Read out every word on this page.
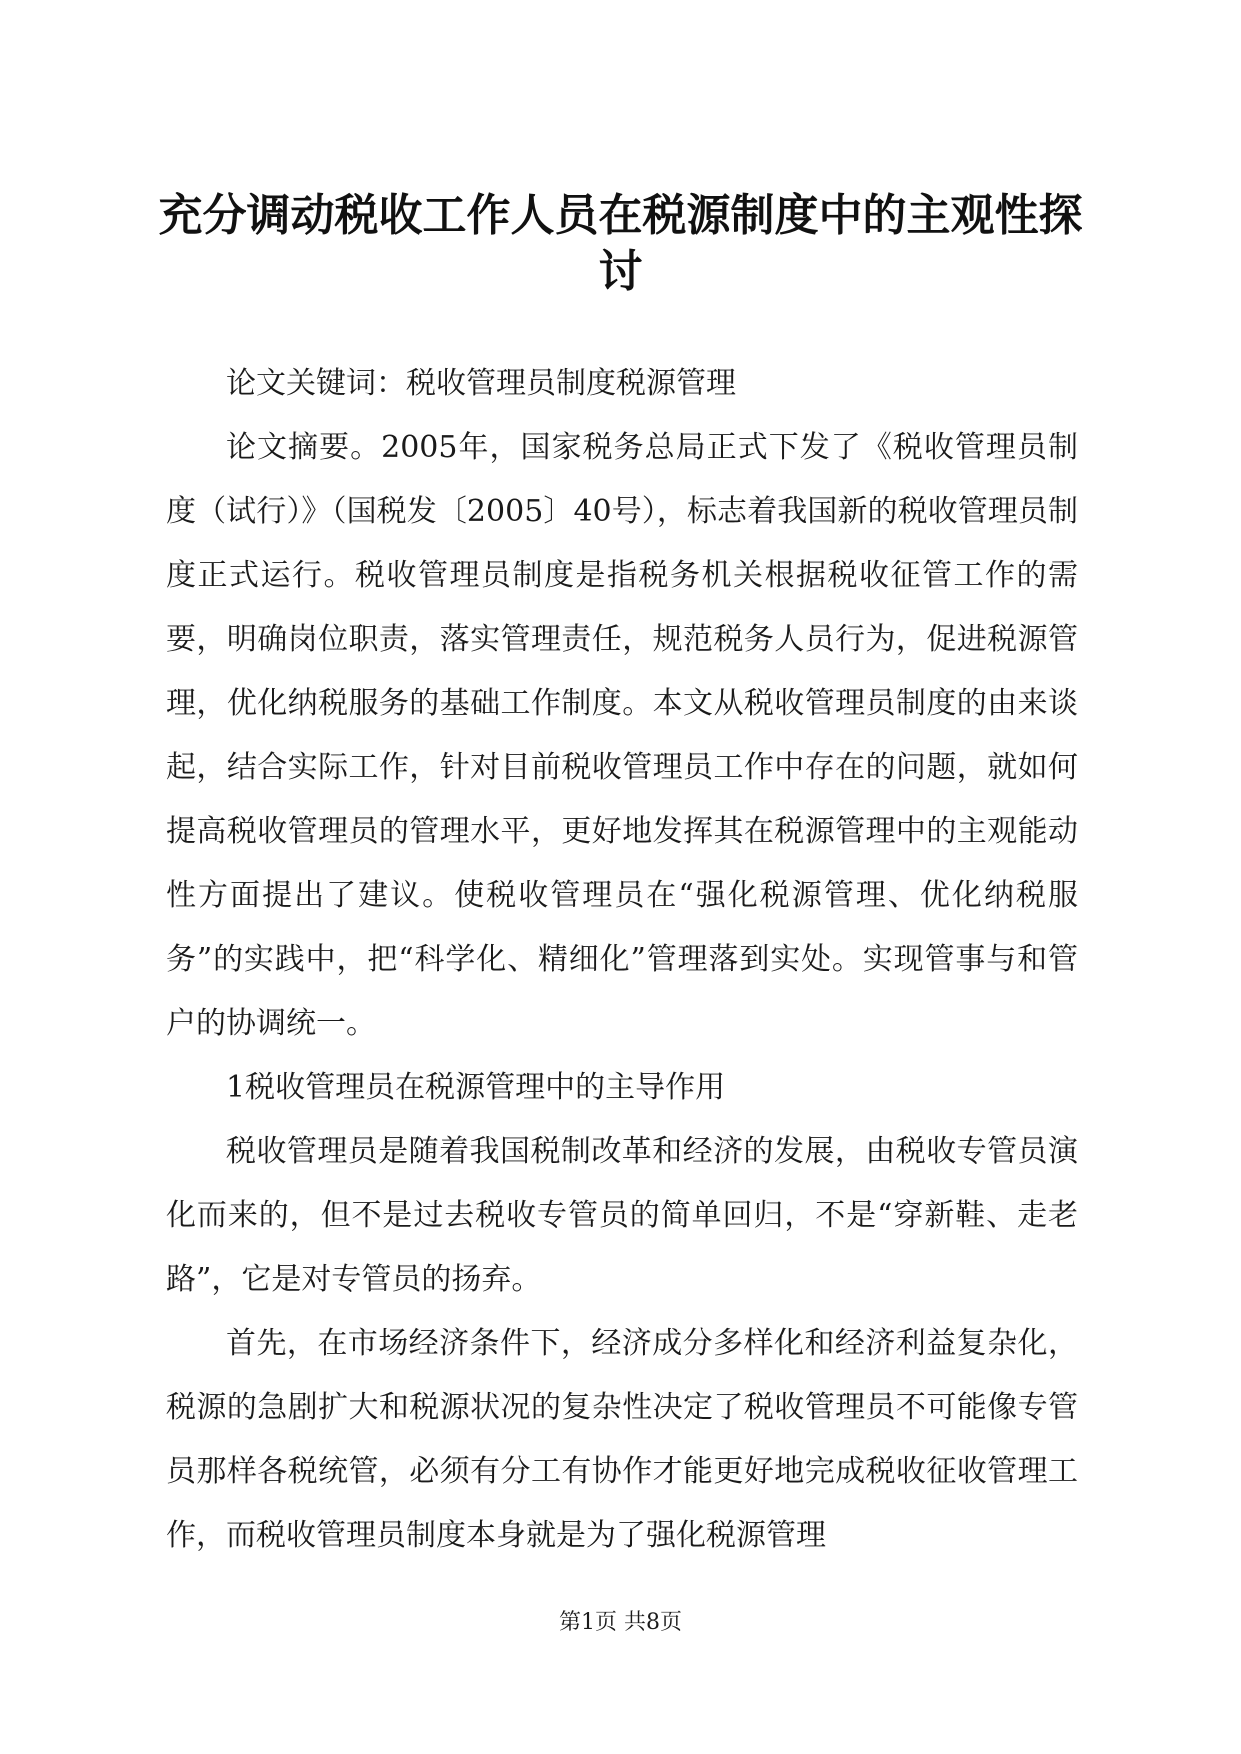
充分调动税收工作人员在税源制度中的主观性探讨

论文关键词：税收管理员制度税源管理

论文摘要。2005年，国家税务总局正式下发了《税收管理员制度（试行）》（国税发〔2005〕40号），标志着我国新的税收管理员制度正式运行。税收管理员制度是指税务机关根据税收征管工作的需要，明确岗位职责，落实管理责任，规范税务人员行为，促进税源管理，优化纳税服务的基础工作制度。本文从税收管理员制度的由来谈起，结合实际工作，针对目前税收管理员工作中存在的问题，就如何提高税收管理员的管理水平，更好地发挥其在税源管理中的主观能动性方面提出了建议。使税收管理员在“强化税源管理、优化纳税服务”的实践中，把“科学化、精细化”管理落到实处。实现管事与和管户的协调统一。

1税收管理员在税源管理中的主导作用

税收管理员是随着我国税制改革和经济的发展，由税收专管员演化而来的，但不是过去税收专管员的简单回归，不是“穿新鞋、走老路”，它是对专管员的扬弃。

首先，在市场经济条件下，经济成分多样化和经济利益复杂化，税源的急剧扩大和税源状况的复杂性决定了税收管理员不可能像专管员那样各税统管，必须有分工有协作才能更好地完成税收征收管理工作，而税收管理员制度本身就是为了强化税源管理

第1页 共8页
